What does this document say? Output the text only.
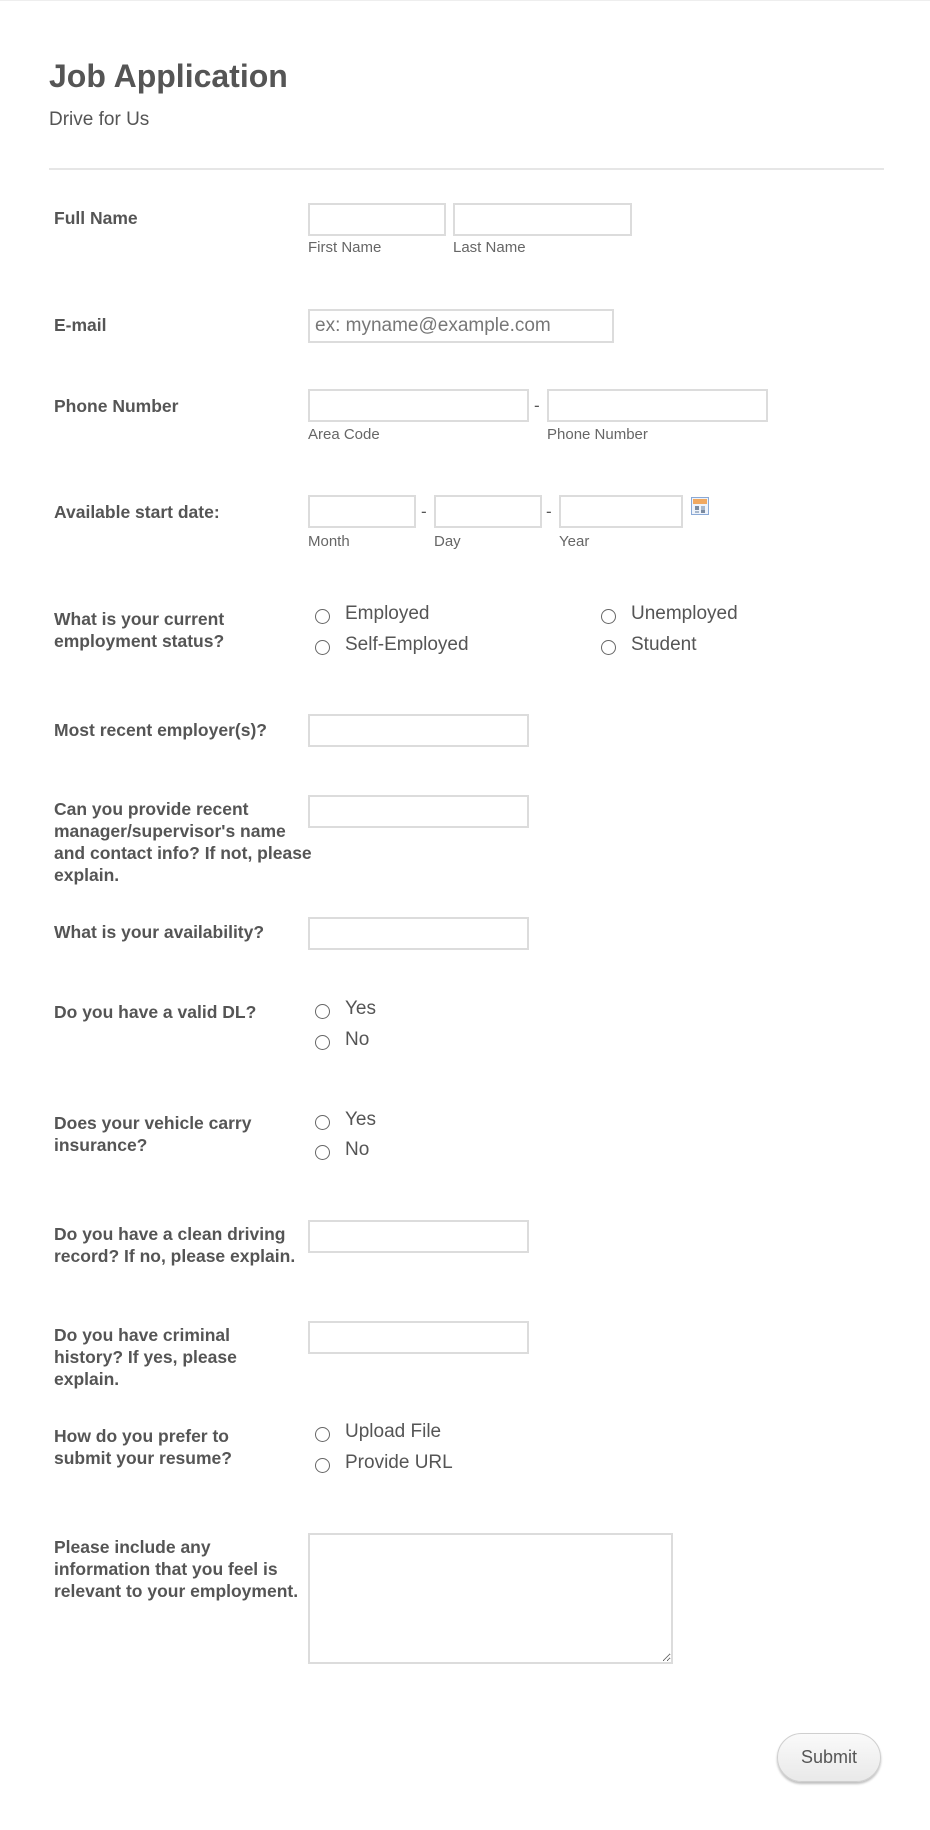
Job Application
Drive for Us
Full Name
First Name	Last Name
E-mail
ex: myname@example.com
Phone Number	-
Area Code	Phone Number
Available start date:	-	-
Month	Day	Year
What is your current employment status?
Employed	Unemployed
Self-Employed	Student
Most recent employer(s)?
Can you provide recent manager/supervisor's name and contact info? If not, please explain.
What is your availability?
Do you have a valid DL?	Yes
No
Does your vehicle carry insurance?
Yes
No
Do you have a clean driving record? If no, please explain.
Do you have criminal history? If yes, please explain.
How do you prefer to submit your resume?
Upload File
Provide URL
Please include any information that you feel is relevant to your employment.
Submit
